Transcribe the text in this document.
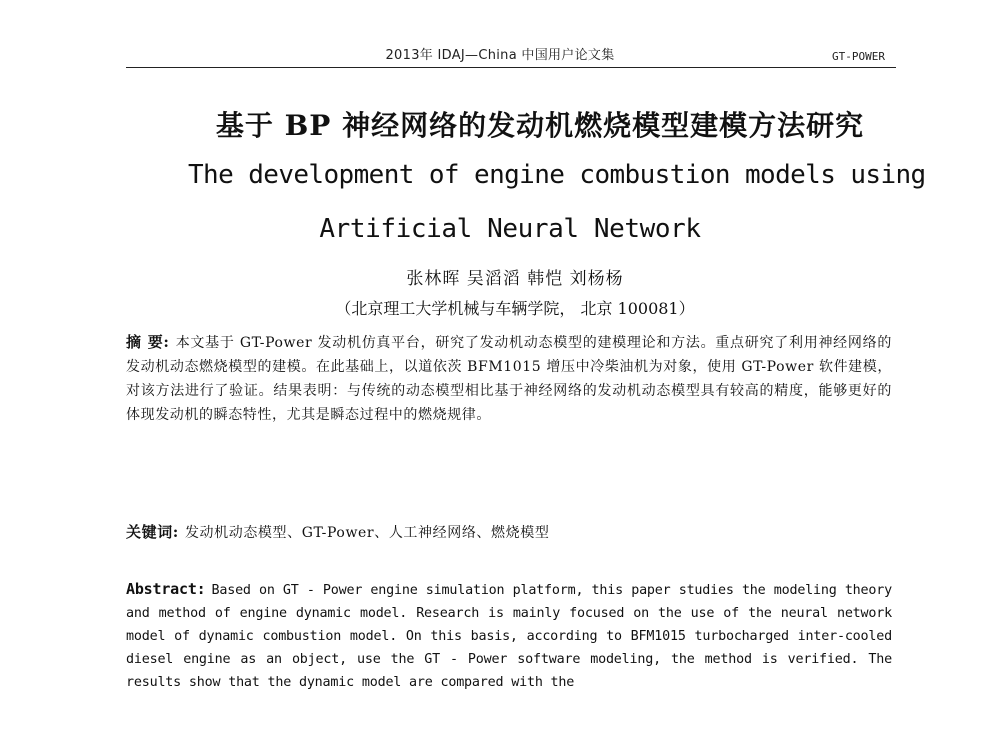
2013年 IDAJ—China 中国用户论文集	GT-POWER
基于 BP 神经网络的发动机燃烧模型建模方法研究
The development of engine combustion models using
Artificial Neural Network
张林晖 吴滔滔 韩恺 刘杨杨
（北京理工大学机械与车辆学院， 北京 100081）
摘 要: 本文基于 GT-Power 发动机仿真平台，研究了发动机动态模型的建模理论和方法。重点研究了利用神经网络的发动机动态燃烧模型的建模。在此基础上，以道依茨 BFM1015 增压中冷柴油机为对象，使用 GT-Power 软件建模，对该方法进行了验证。结果表明：与传统的动态模型相比基于神经网络的发动机动态模型具有较高的精度，能够更好的体现发动机的瞬态特性，尤其是瞬态过程中的燃烧规律。
关键词: 发动机动态模型、GT-Power、人工神经网络、燃烧模型
Abstract: Based on GT - Power engine simulation platform, this paper studies the modeling theory and method of engine dynamic model. Research is mainly focused on the use of the neural network model of dynamic combustion model. On this basis, according to BFM1015 turbocharged inter-cooled diesel engine as an object, use the GT - Power software modeling, the method is verified. The results show that the dynamic model are compared with the
